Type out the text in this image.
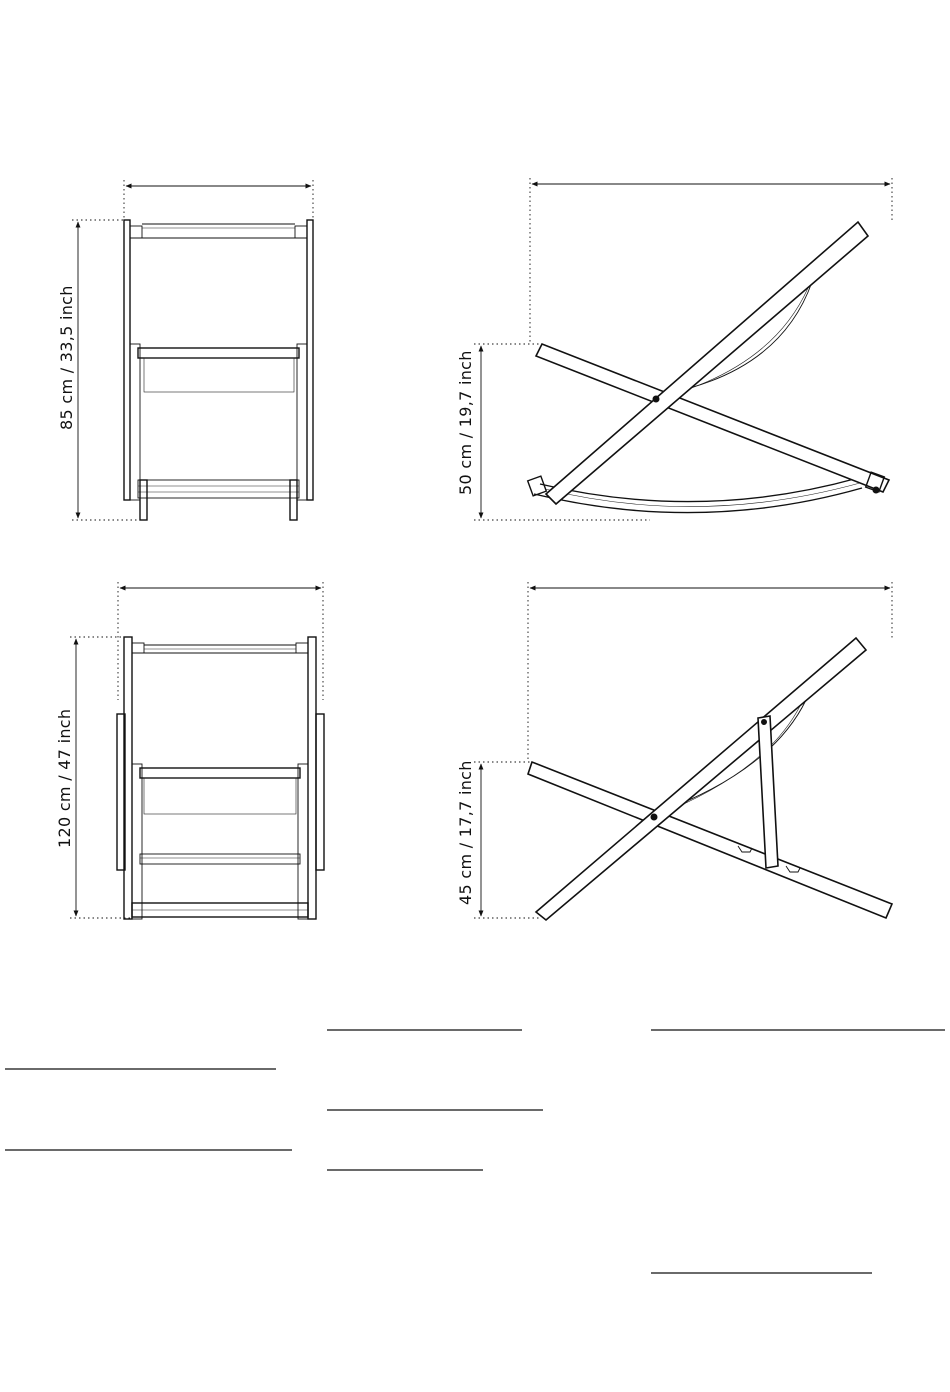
85 cm / 33,5 inch	50 cm / 19,7 inch
120 cm / 47 inch	45 cm / 17,7 inch
